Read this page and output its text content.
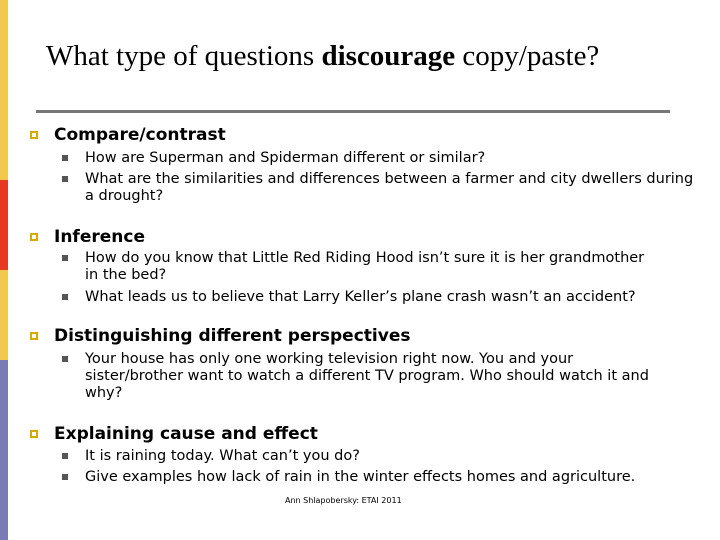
What type of questions discourage copy/paste?
Compare/contrast
How are Superman and Spiderman different or similar?
What are the similarities and differences between a farmer and city dwellers during a drought?
Inference
How do you know that Little Red Riding Hood isn’t sure it is her grandmother in the bed?
What leads us to believe that Larry Keller’s plane crash wasn’t an accident?
Distinguishing different perspectives
Your house has only one working television right now. You and your sister/brother want to watch a different TV program. Who should watch it and why?
Explaining cause and effect
It is raining today. What can’t you do?
Give examples how lack of rain in the winter effects homes and agriculture.
Ann Shlapobersky: ETAI 2011
